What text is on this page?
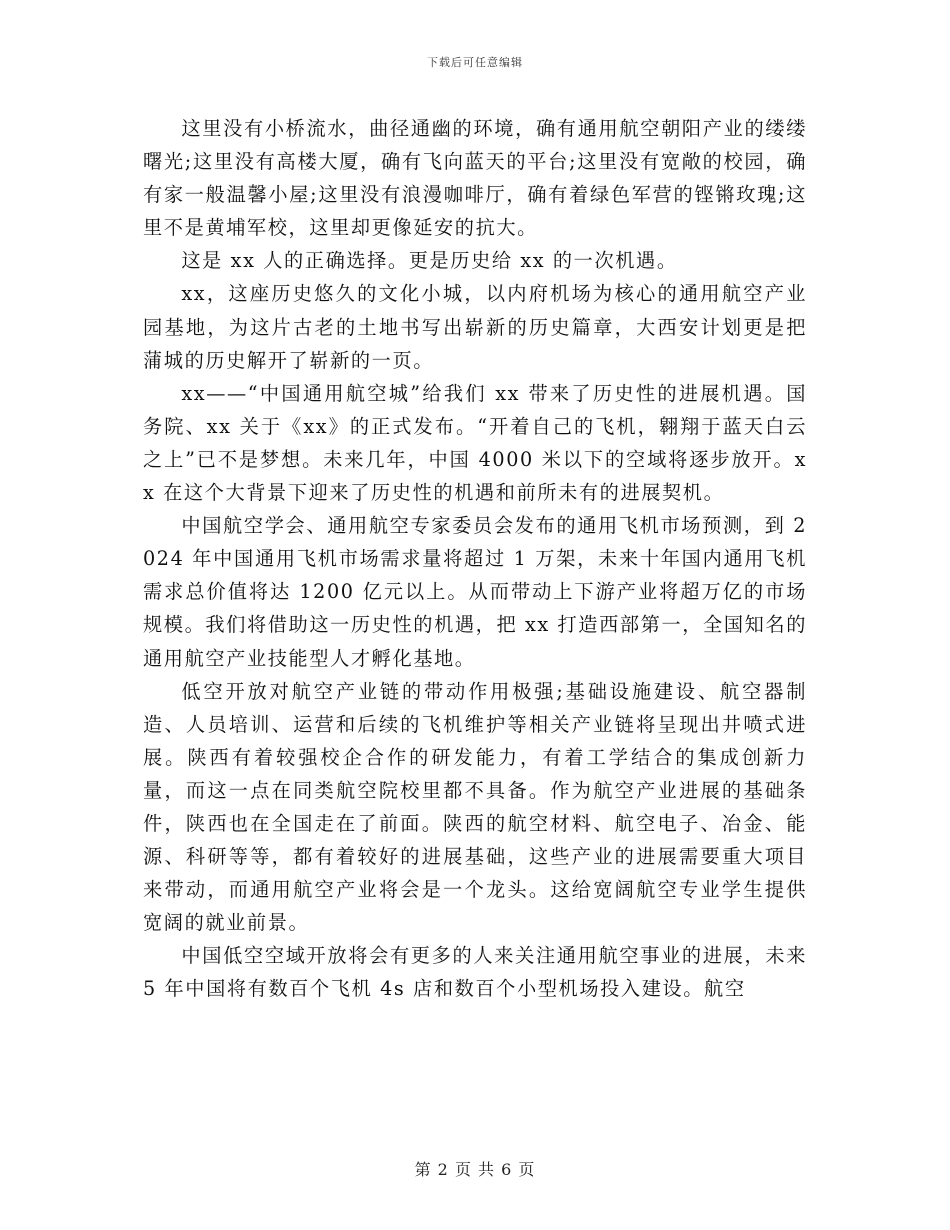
下载后可任意编辑

这里没有小桥流水，曲径通幽的环境，确有通用航空朝阳产业的缕缕曙光;这里没有高楼大厦，确有飞向蓝天的平台;这里没有宽敞的校园，确有家一般温馨小屋;这里没有浪漫咖啡厅，确有着绿色军营的铿锵玫瑰;这里不是黄埔军校，这里却更像延安的抗大。

这是 xx 人的正确选择。更是历史给 xx 的一次机遇。

xx，这座历史悠久的文化小城，以内府机场为核心的通用航空产业园基地，为这片古老的土地书写出崭新的历史篇章，大西安计划更是把蒲城的历史解开了崭新的一页。

xx——“中国通用航空城”给我们 xx 带来了历史性的进展机遇。国务院、xx 关于《xx》的正式发布。“开着自己的飞机，翱翔于蓝天白云之上”已不是梦想。未来几年，中国 4000 米以下的空域将逐步放开。xx 在这个大背景下迎来了历史性的机遇和前所未有的进展契机。

中国航空学会、通用航空专家委员会发布的通用飞机市场预测，到 2024 年中国通用飞机市场需求量将超过 1 万架，未来十年国内通用飞机需求总价值将达 1200 亿元以上。从而带动上下游产业将超万亿的市场规模。我们将借助这一历史性的机遇，把 xx 打造西部第一，全国知名的通用航空产业技能型人才孵化基地。

低空开放对航空产业链的带动作用极强;基础设施建设、航空器制造、人员培训、运营和后续的飞机维护等相关产业链将呈现出井喷式进展。陕西有着较强校企合作的研发能力，有着工学结合的集成创新力量，而这一点在同类航空院校里都不具备。作为航空产业进展的基础条件，陕西也在全国走在了前面。陕西的航空材料、航空电子、冶金、能源、科研等等，都有着较好的进展基础，这些产业的进展需要重大项目来带动，而通用航空产业将会是一个龙头。这给宽阔航空专业学生提供宽阔的就业前景。

中国低空空域开放将会有更多的人来关注通用航空事业的进展，未来 5 年中国将有数百个飞机 4s 店和数百个小型机场投入建设。航空

第 2 页 共 6 页
